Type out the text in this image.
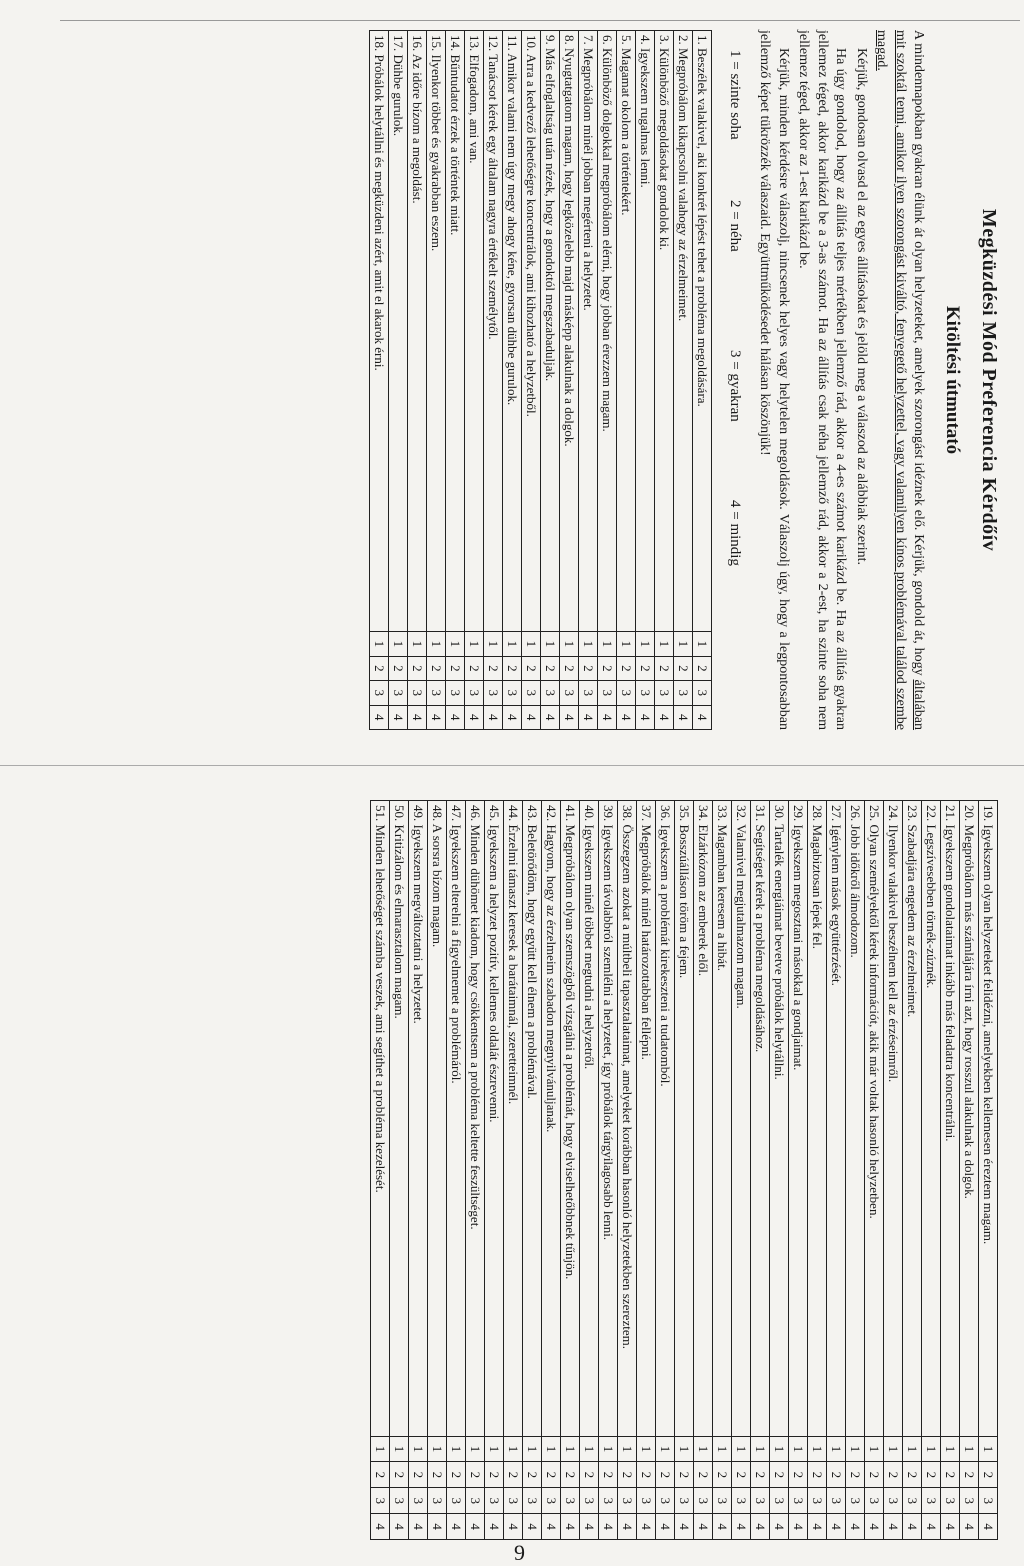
Megküzdési Mód Preferencia Kérdőív
Kitöltési útmutató

A mindennapokban gyakran élünk át olyan helyzeteket, amelyek szorongást idéznek elő. Kérjük, gondold át, hogy általában mit szoktál tenni, amikor ilyen szorongást kiváltó, fenyegető helyzettel, vagy valamilyen kínos problémával találod szembe magad.

Kérjük, gondosan olvasd el az egyes állításokat és jelöld meg a válaszod az alábbiak szerint.

Ha úgy gondolod, hogy az állítás teljes mértékben jellemző rád, akkor a 4-es számot karikázd be. Ha az állítás gyakran jellemez téged, akkor karikázd be a 3-as számot. Ha az állítás csak néha jellemző rád, akkor a 2-est, ha szinte soha nem jellemez téged, akkor az 1-est karikázd be.

Kérjük, minden kérdésre válaszolj, nincsenek helyes vagy helytelen megoldások. Válaszolj úgy, hogy a legpontosabban jellemző képet tükrözzék válaszaid. Együttműködésedet hálásan köszönjük!

1 = szinte soha
2 = néha
3 = gyakran
4 = mindig
1. Beszélek valakivel, aki konkrét lépést tehet a probléma megoldására.	1	2	3	4
2. Megpróbálom kikapcsolni valahogy az érzelmeimet.	1	2	3	4
3. Különböző megoldásokat gondolok ki.	1	2	3	4
4. Igyekszem rugalmas lenni.	1	2	3	4
5. Magamat okolom a történtekért.	1	2	3	4
6. Különböző dolgokkal megpróbálom elérni, hogy jobban érezzem magam.	1	2	3	4
7. Megpróbálom minél jobban megérteni a helyzetet.	1	2	3	4
8. Nyugtatgatom magam, hogy legközelebb majd másképp alakulnak a dolgok.	1	2	3	4
9. Más elfoglaltság után nézek, hogy a gondoktól megszabaduljak.	1	2	3	4
10. Arra a kedvező lehetőségre koncentrálok, ami kihozható a helyzetből.	1	2	3	4
11. Amikor valami nem úgy megy ahogy kéne, gyorsan dühbe gurulok.	1	2	3	4
12. Tanácsot kérek egy általam nagyra értékelt személytől.	1	2	3	4
13. Elfogadom, ami van.	1	2	3	4
14. Bűntudatot érzek a történtek miatt.	1	2	3	4
15. Ilyenkor többet és gyakrabban eszem.	1	2	3	4
16. Az időre bízom a megoldást.	1	2	3	4
17. Dühbe gurulok.	1	2	3	4
18. Próbálok helytállni és megküzdeni azért, amit el akarok érni.	1	2	3	4
19. Igyekszem olyan helyzeteket felidézni, amelyekben kellemesen éreztem magam.	1	2	3	4
20. Megpróbálom más számlájára írni azt, hogy rosszul alakulnak a dolgok.	1	2	3	4
21. Igyekszem gondolataimat inkább más feladatra koncentrálni.	1	2	3	4
22. Legszívesebben törnék-zúznék.	1	2	3	4
23. Szabadjára engedem az érzelmeimet.	1	2	3	4
24. Ilyenkor valakivel beszélnem kell az érzéseimről.	1	2	3	4
25. Olyan személyektől kérek információt, akik már voltak hasonló helyzetben.	1	2	3	4
26. Jobb időkről álmodozom.	1	2	3	4
27. Igénylem mások együttérzését.	1	2	3	4
28. Magabiztosan lépek fel.	1	2	3	4
29. Igyekszem megosztani másokkal a gondjaimat.	1	2	3	4
30. Tartalék energiáimat bevetve próbálok helytállni.	1	2	3	4
31. Segítséget kérek a probléma megoldásához.	1	2	3	4
32. Valamivel megjutalmazom magam.	1	2	3	4
33. Magamban keresem a hibát.	1	2	3	4
34. Elzárkózom az emberek elől.	1	2	3	4
35. Bosszúálláson töröm a fejem.	1	2	3	4
36. Igyekszem a problémát kirekeszteni a tudatomból.	1	2	3	4
37. Megpróbálok minél határozottabban fellépni.	1	2	3	4
38. Összegzem azokat a múltbeli tapasztalataimat, amelyeket korábban hasonló helyzetekben szereztem.	1	2	3	4
39. Igyekszem távolabbról szemlélni a helyzetet, így próbálok tárgyilagosabb lenni.	1	2	3	4
40. Igyekszem minél többet megtudni a helyzetről.	1	2	3	4
41. Megpróbálom olyan szemszögből vizsgálni a problémát, hogy elviselhetőbbnek tűnjön.	1	2	3	4
42. Hagyom, hogy az érzelmeim szabadon megnyilvánuljanak.	1	2	3	4
43. Beletörődöm, hogy együtt kell élnem a problémával.	1	2	3	4
44. Érzelmi támaszt keresek a barátaimnál, szeretteimnél.	1	2	3	4
45. Igyekszem a helyzet pozitív, kellemes oldalát észrevenni.	1	2	3	4
46. Minden dühömet kiadom, hogy csökkentsem a probléma keltette feszültséget.	1	2	3	4
47. Igyekszem elterelni a figyelmemet a problémáról.	1	2	3	4
48. A sorsra bízom magam.	1	2	3	4
49. Igyekszem megváltoztatni a helyzetet.	1	2	3	4
50. Kritizálom és elmarasztalom magam.	1	2	3	4
51. Minden lehetőséget számba veszek, ami segíthet a probléma kezelését.	1	2	3	4
9
